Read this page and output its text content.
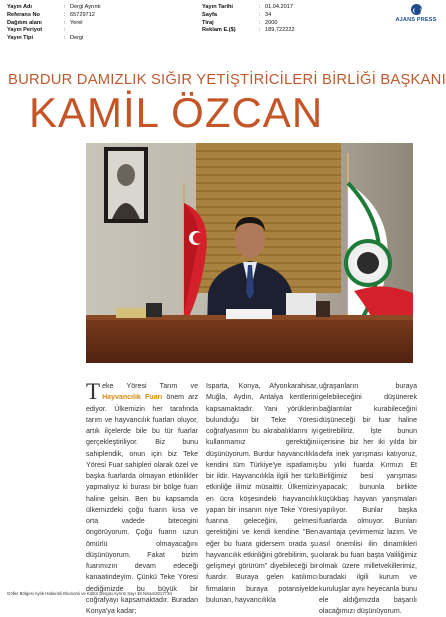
Yayın Adı	: Dergi Ayrıntı
Referans No	: 65729712
Dağıtım alanı	: Yerel
Yayın Periyot	:
Yayın Tipi	: Dergi
Yayın Tarihi	: 01.04.2017
Sayfa	: 34
Tiraj	: 2000
Reklam E.($)	: 189,722222
AJANS PRESS
BURDUR DAMIZLIK SIĞIR YETİŞTİRİCİLERİ BİRLİĞİ BAŞKANI
KAMİL ÖZCAN

Teke Yöresi Tarım ve Hayvancılık Fuarı önem arz ediyor. Ülkemizin her tarafında tarım ve hayvancılık fuarları oluyor, artık ilçelerde bile bu tür fuarlar gerçekleştiriliyor. Biz bunu sahiplendik, onun için biz Teke Yöresi Fuar sahipleri olarak özel ve başka fuarlarda olmayan etkinlikler yapmalıyız ki burası bir bölge fuarı haline gelsin. Ben bu kapsamda ülkemizdeki çoğu fuarın kısa ve orta vadede bitecegini öngörüyorum. Çoğu fuarın uzun ömürlü olmayacağını düşünüyorum. Fakat bizim fuarımızın devam edeceği kanaatindeyim. Çünkü Teke Yöresi dediğimizde bu büyük bir coğrafyayı kapsamaktadır. Buradan Konya'ya kadar;

Isparta, Konya, Afyonkarahisar, Muğla, Aydın, Antalya kentlerini kapsamaktadır. Yani yörüklerin bulunduğu bir Teke Yöresi coğrafyasının bu akrabalıklarını iyi kullanmamız gerektiğini düşünüyorum. Burdur hayvancılıkla kendini tüm Türkiye'ye ispatlamış bir ildir. Hayvancılıkla ilgili her türlü etkinliğe ilimiz müsaittir. Ülkemizin en ücra köşesindeki hayvancılık yapan bir insanın niye Teke Yöresi fuarına geleceğini, gelmesi gerektiğini ve kendi kendine "Ben eğer bu fuara gidersem orada şu hayvancılık etkinliğini görebilirim, şu gelişmeyi görürüm" diyebileceği bir fuardır. Buraya gelen katılımcı firmaların buraya potansiyelde bulunan, hayvancılıkla

uğraşanların buraya gelebileceğini düşünerek bağlantılar kurabileceğini düşüneceği bir fuar haline getirebiliriz. İşte bunun içerisine biz her iki yılda bir defa inek yarışması katıyoruz, bu yılki fuarda Kırmızı Et Birliğimiz besi yarışması yapacak; bununla birlikte küçükbaş hayvan yarışmaları yapılıyor. Bunlar başka fuarlarda olmuyor. Bunları avantaja çevirmemiz lazım. Ve asıl önemlisi ilin dinamikleri olarak bu fuarı başta Valiliğimiz olmak üzere milletvekillerimiz, buradaki ilgili kurum ve kuruluşlar aynı heyecanla bunu ele aldığımızda başarılı olacağımızı düşünüyorum.

Göller Bölgesi Aylık Haberinli Ekonomi ve Kültür Dergisi Ayrıntı Sayı 49 Nisan/2017/ 34
